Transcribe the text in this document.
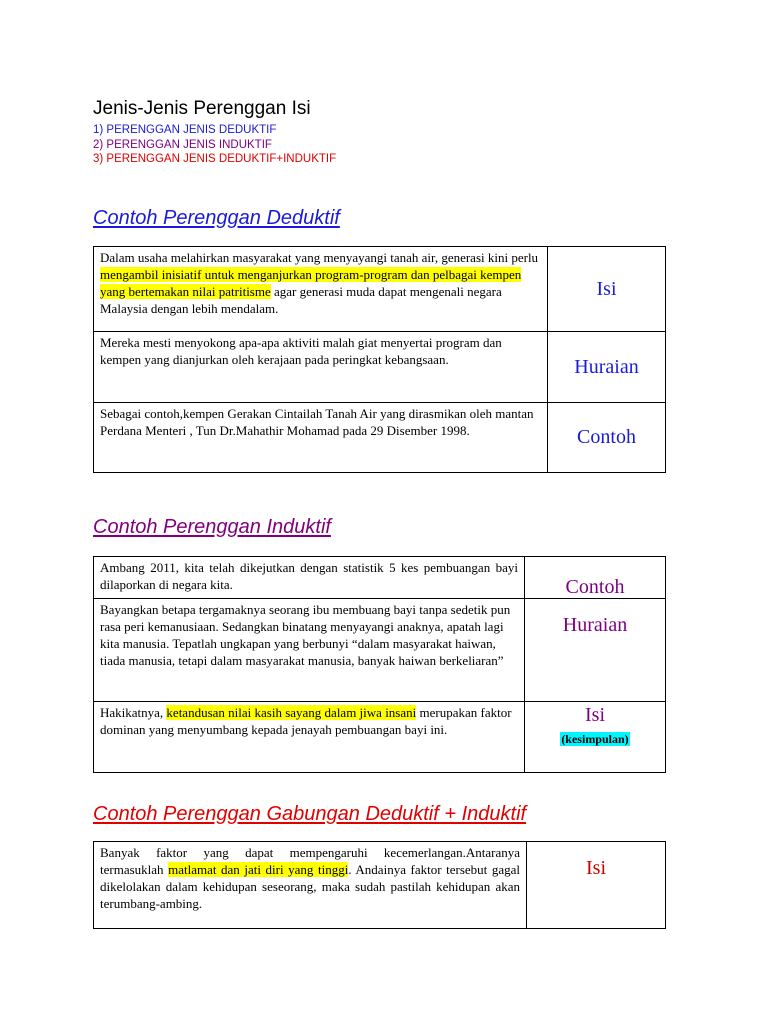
Jenis-Jenis Perenggan Isi
1) PERENGGAN JENIS DEDUKTIF
2) PERENGGAN JENIS INDUKTIF
3) PERENGGAN JENIS DEDUKTIF+INDUKTIF
Contoh Perenggan Deduktif
Dalam usaha melahirkan masyarakat yang menyayangi tanah air, generasi kini perlu mengambil inisiatif untuk menganjurkan program-program dan pelbagai kempen yang bertemakan nilai patritisme agar generasi muda dapat mengenali negara Malaysia dengan lebih mendalam.	Isi
Mereka mesti menyokong apa-apa aktiviti malah giat menyertai program dan kempen yang dianjurkan oleh kerajaan pada peringkat kebangsaan.	Huraian
Sebagai contoh,kempen Gerakan Cintailah Tanah Air yang dirasmikan oleh mantan Perdana Menteri , Tun Dr.Mahathir Mohamad pada 29 Disember 1998.	Contoh
Contoh Perenggan Induktif
Ambang 2011, kita telah dikejutkan dengan statistik 5 kes pembuangan bayi dilaporkan di negara kita.	Contoh
Bayangkan betapa tergamaknya seorang ibu membuang bayi tanpa sedetik pun rasa peri kemanusiaan. Sedangkan binatang menyayangi anaknya, apatah lagi kita manusia. Tepatlah ungkapan yang berbunyi “dalam masyarakat haiwan, tiada manusia, tetapi dalam masyarakat manusia, banyak haiwan berkeliaran”	Huraian
Hakikatnya, ketandusan nilai kasih sayang dalam jiwa insani merupakan faktor dominan yang menyumbang kepada jenayah pembuangan bayi ini.	Isi
(kesimpulan)
Contoh Perenggan Gabungan Deduktif + Induktif
Banyak faktor yang dapat mempengaruhi kecemerlangan.Antaranya termasuklah matlamat dan jati diri yang tinggi. Andainya faktor tersebut gagal dikelolakan dalam kehidupan seseorang, maka sudah pastilah kehidupan akan terumbang-ambing.	Isi
